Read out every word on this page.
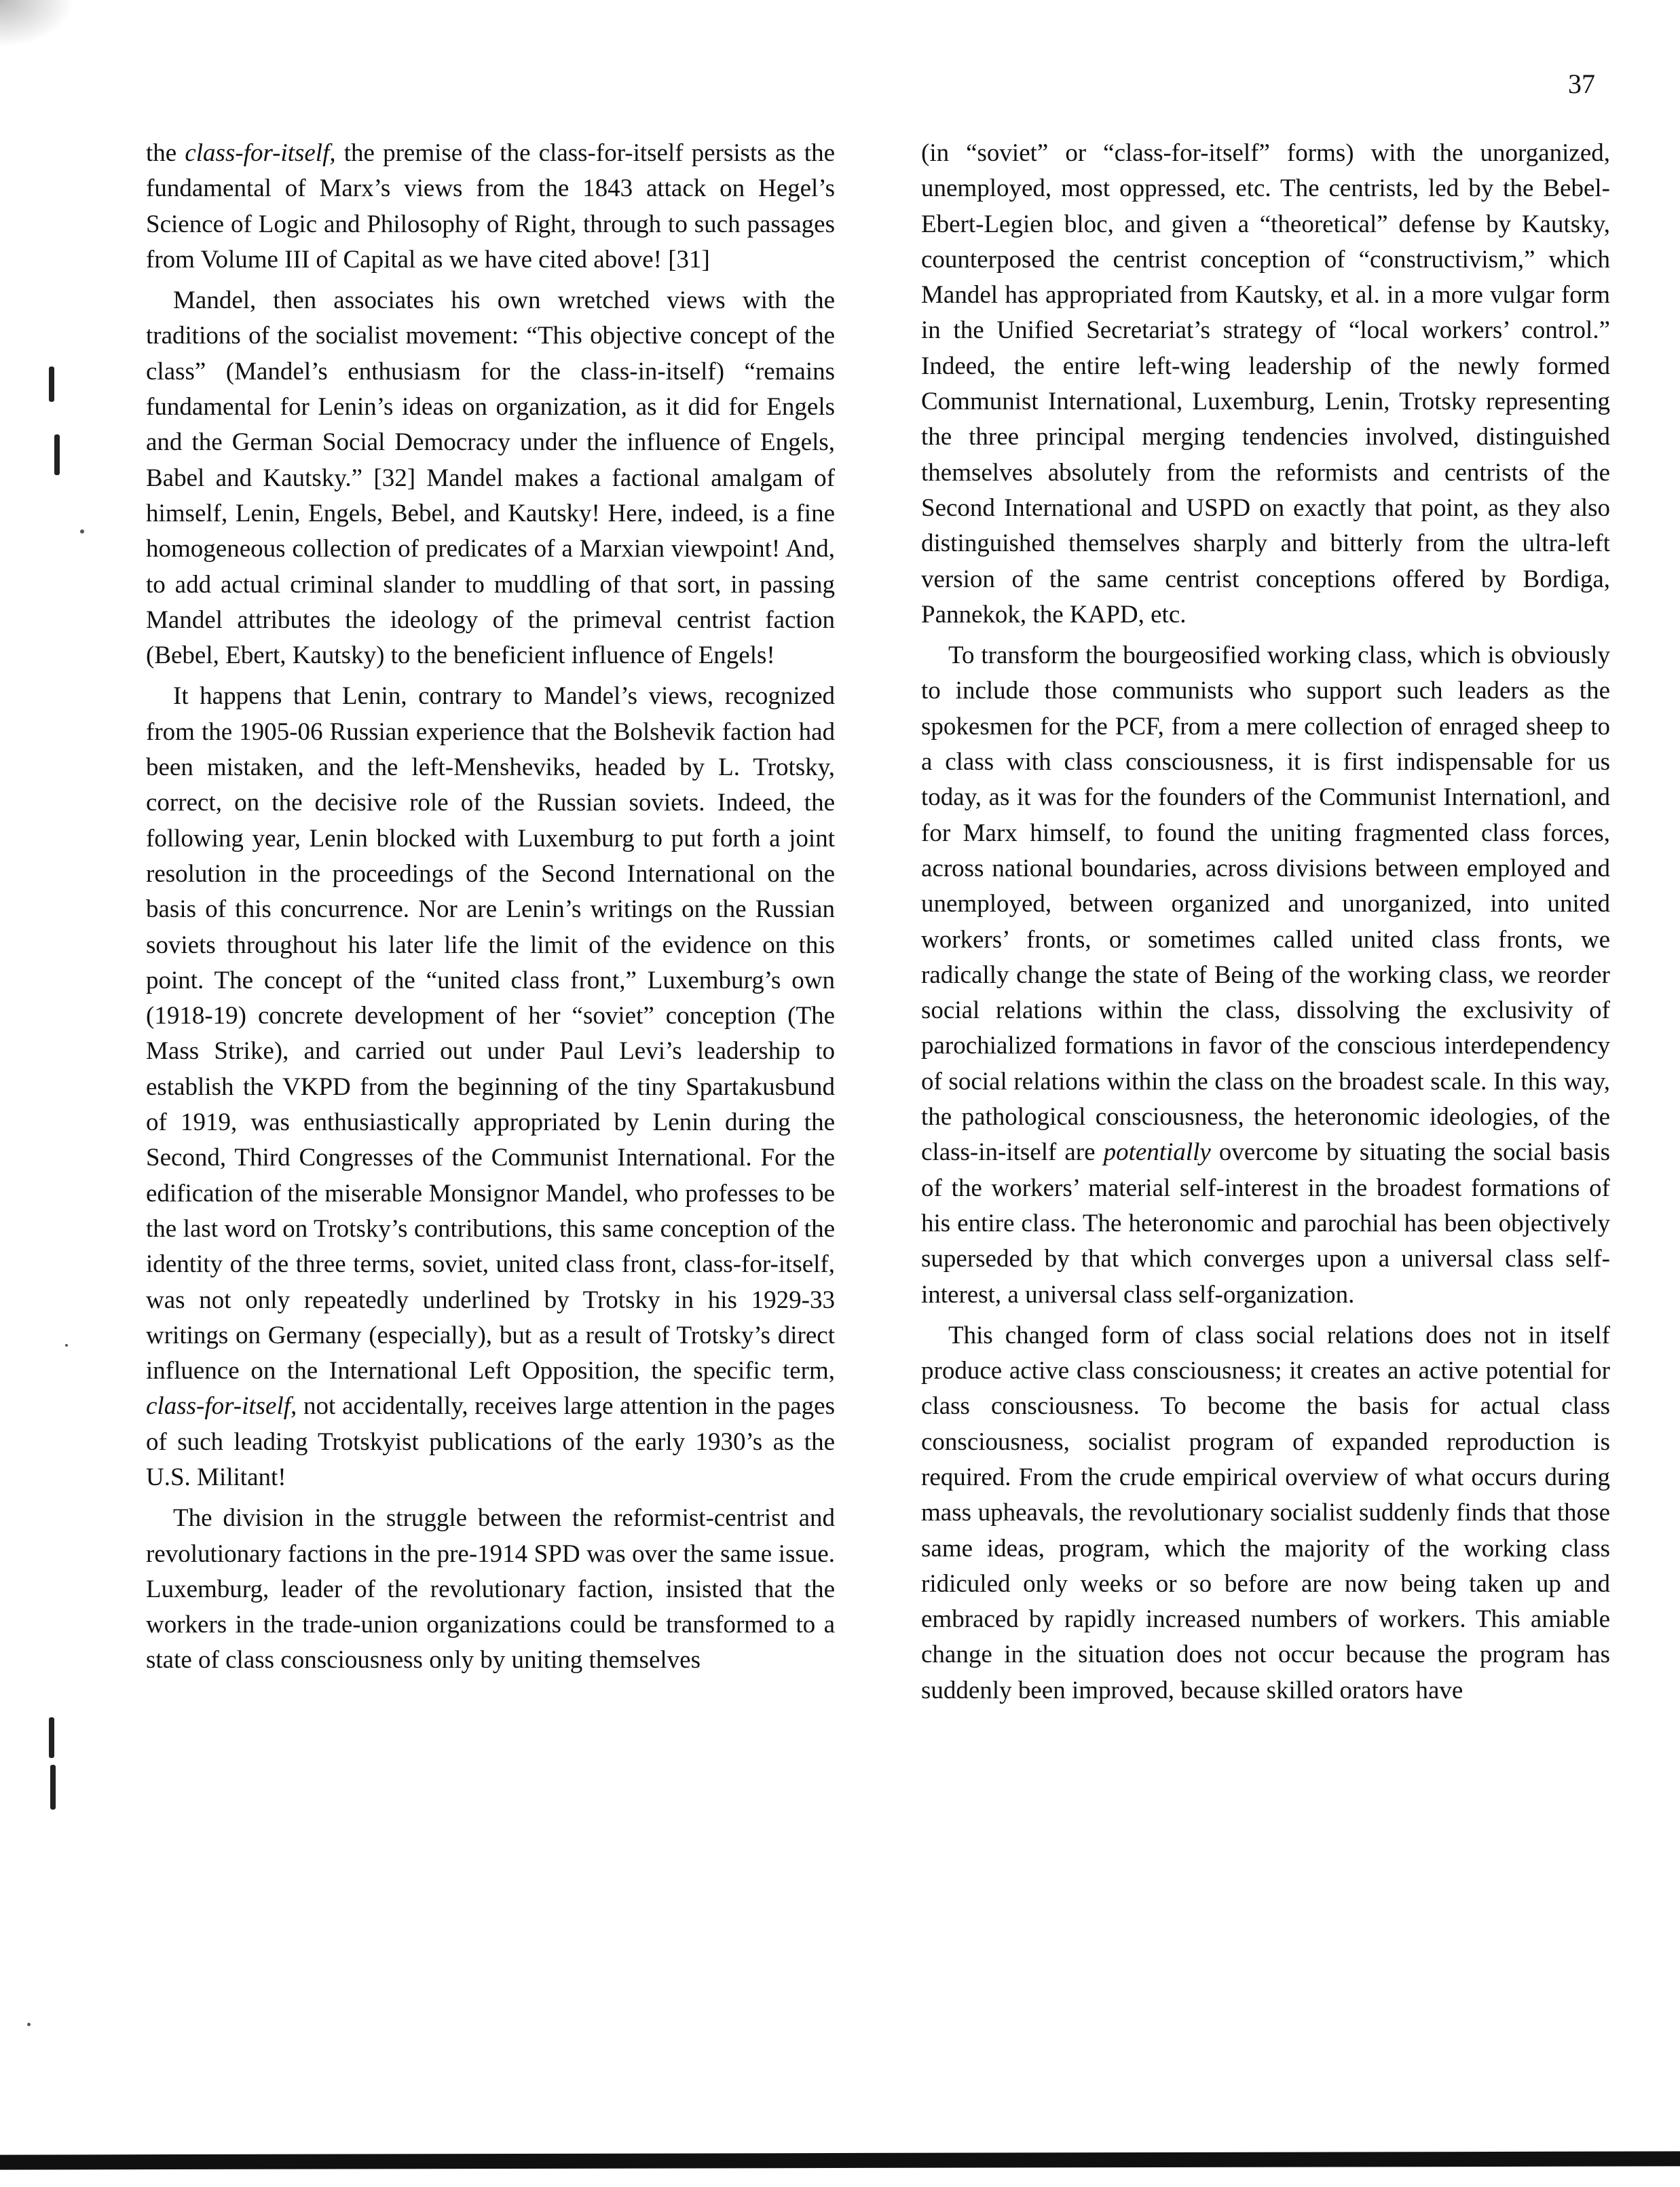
37

the class-for-itself, the premise of the class-for-itself persists as the fundamental of Marx’s views from the 1843 attack on Hegel’s Science of Logic and Philosophy of Right, through to such passages from Volume III of Capital as we have cited above! [31]

Mandel, then associates his own wretched views with the traditions of the socialist movement: “This objective concept of the class” (Mandel’s enthusiasm for the class-in-itself) “remains fundamental for Lenin’s ideas on organization, as it did for Engels and the German Social Democracy under the influence of Engels, Babel and Kautsky.” [32] Mandel makes a factional amalgam of himself, Lenin, Engels, Bebel, and Kautsky! Here, indeed, is a fine homogeneous collection of predicates of a Marxian viewpoint! And, to add actual criminal slander to muddling of that sort, in passing Mandel attributes the ideology of the primeval centrist faction (Bebel, Ebert, Kautsky) to the beneficient influence of Engels!

It happens that Lenin, contrary to Mandel’s views, recognized from the 1905-06 Russian experience that the Bolshevik faction had been mistaken, and the left-Mensheviks, headed by L. Trotsky, correct, on the decisive role of the Russian soviets. Indeed, the following year, Lenin blocked with Luxemburg to put forth a joint resolution in the proceedings of the Second International on the basis of this concurrence. Nor are Lenin’s writings on the Russian soviets throughout his later life the limit of the evidence on this point. The concept of the “united class front,” Luxemburg’s own (1918-19) concrete development of her “soviet” conception (The Mass Strike), and carried out under Paul Levi’s leadership to establish the VKPD from the beginning of the tiny Spartakusbund of 1919, was enthusiastically appropriated by Lenin during the Second, Third Congresses of the Communist International. For the edification of the miserable Monsignor Mandel, who professes to be the last word on Trotsky’s contributions, this same conception of the identity of the three terms, soviet, united class front, class-for-itself, was not only repeatedly underlined by Trotsky in his 1929-33 writings on Germany (especially), but as a result of Trotsky’s direct influence on the International Left Opposition, the specific term, class-for-itself, not accidentally, receives large attention in the pages of such leading Trotskyist publications of the early 1930’s as the U.S. Militant!

The division in the struggle between the reformist-centrist and revolutionary factions in the pre-1914 SPD was over the same issue. Luxemburg, leader of the revolutionary faction, insisted that the workers in the trade-union organizations could be transformed to a state of class consciousness only by uniting themselves

(in “soviet” or “class-for-itself” forms) with the unorganized, unemployed, most oppressed, etc. The centrists, led by the Bebel-Ebert-Legien bloc, and given a “theoretical” defense by Kautsky, counterposed the centrist conception of “constructivism,” which Mandel has appropriated from Kautsky, et al. in a more vulgar form in the Unified Secretariat’s strategy of “local workers’ control.” Indeed, the entire left-wing leadership of the newly formed Communist International, Luxemburg, Lenin, Trotsky representing the three principal merging tendencies involved, distinguished themselves absolutely from the reformists and centrists of the Second International and USPD on exactly that point, as they also distinguished themselves sharply and bitterly from the ultra-left version of the same centrist conceptions offered by Bordiga, Pannekok, the KAPD, etc.

To transform the bourgeosified working class, which is obviously to include those communists who support such leaders as the spokesmen for the PCF, from a mere collection of enraged sheep to a class with class consciousness, it is first indispensable for us today, as it was for the founders of the Communist Internationl, and for Marx himself, to found the uniting fragmented class forces, across national boundaries, across divisions between employed and unemployed, between organized and unorganized, into united workers’ fronts, or sometimes called united class fronts, we radically change the state of Being of the working class, we reorder social relations within the class, dissolving the exclusivity of parochialized formations in favor of the conscious interdependency of social relations within the class on the broadest scale. In this way, the pathological consciousness, the heteronomic ideologies, of the class-in-itself are potentially overcome by situating the social basis of the workers’ material self-interest in the broadest formations of his entire class. The heteronomic and parochial has been objectively superseded by that which converges upon a universal class self-interest, a universal class self-organization.

This changed form of class social relations does not in itself produce active class consciousness; it creates an active potential for class consciousness. To become the basis for actual class consciousness, socialist program of expanded reproduction is required. From the crude empirical overview of what occurs during mass upheavals, the revolutionary socialist suddenly finds that those same ideas, program, which the majority of the working class ridiculed only weeks or so before are now being taken up and embraced by rapidly increased numbers of workers. This amiable change in the situation does not occur because the program has suddenly been improved, because skilled orators have
